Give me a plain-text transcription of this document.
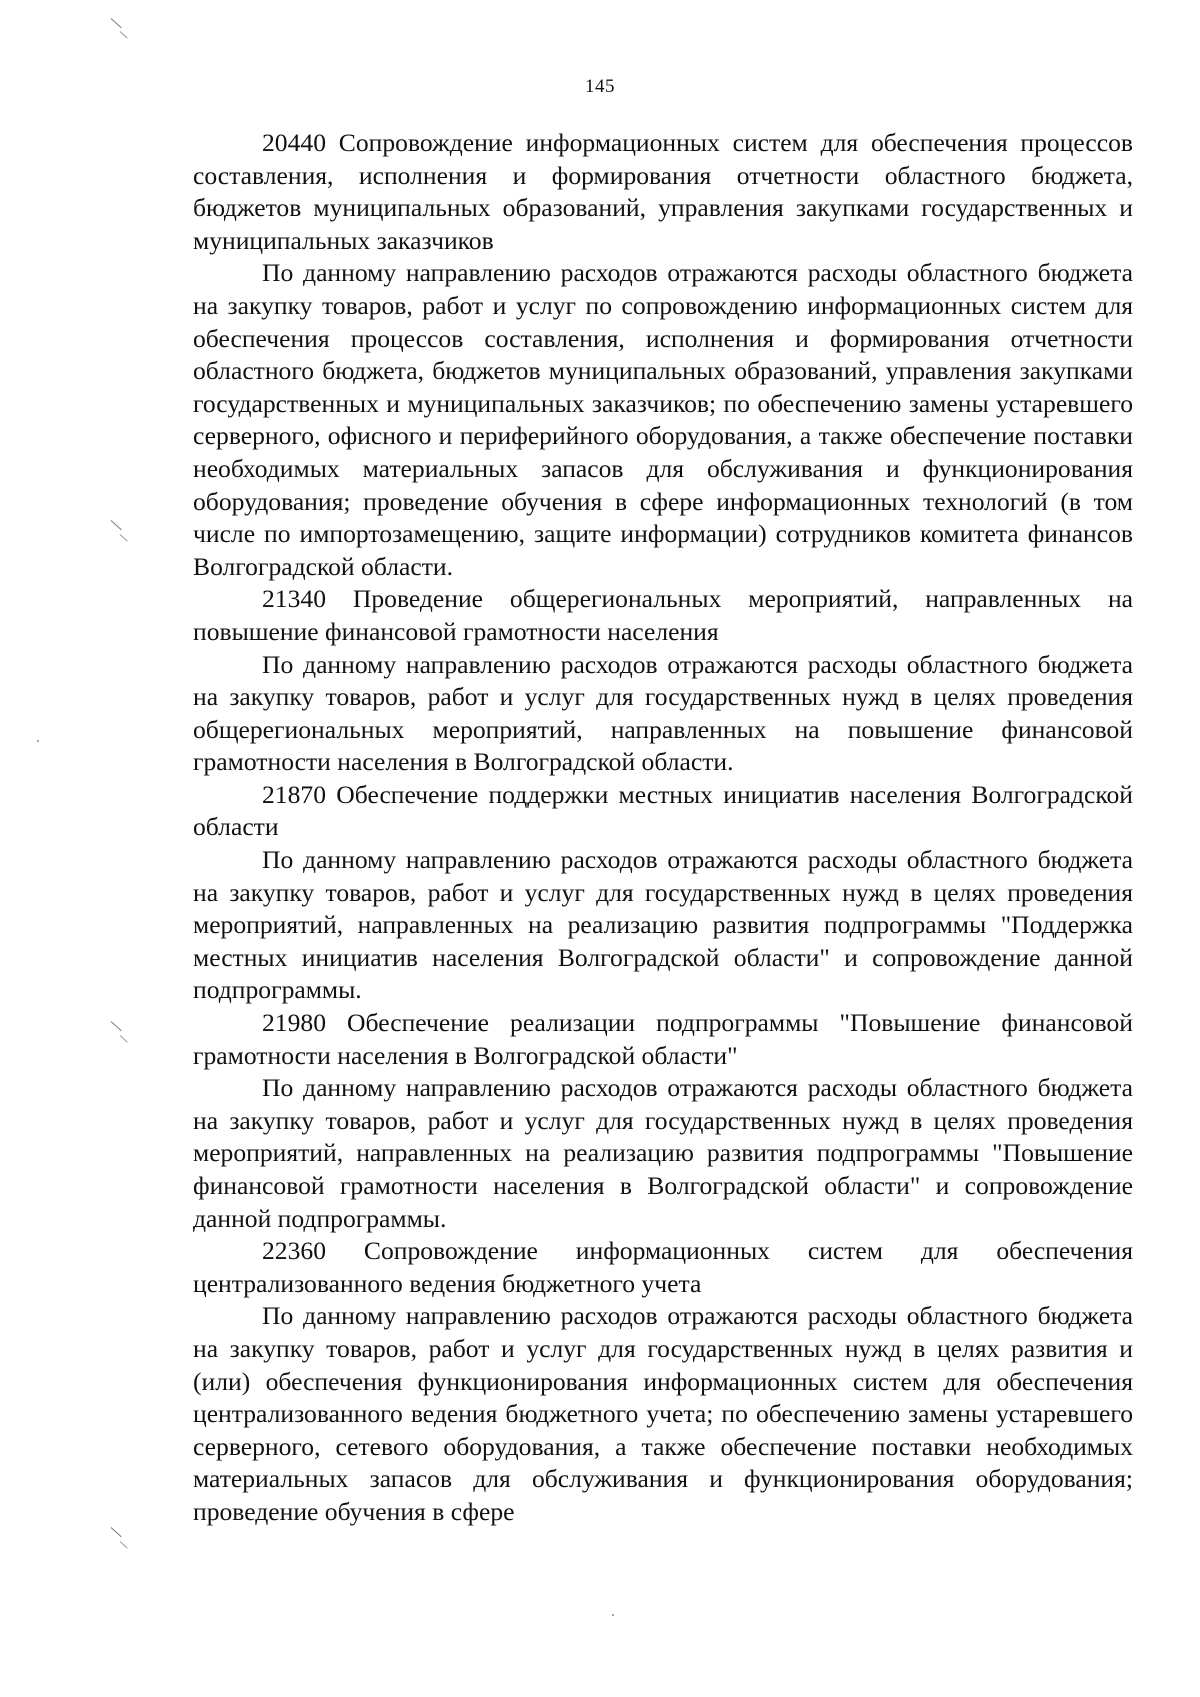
145

20440 Сопровождение информационных систем для обеспечения процессов составления, исполнения и формирования отчетности областного бюджета, бюджетов муниципальных образований, управления закупками государственных и муниципальных заказчиков

По данному направлению расходов отражаются расходы областного бюджета на закупку товаров, работ и услуг по сопровождению информационных систем для обеспечения процессов составления, исполнения и формирования отчетности областного бюджета, бюджетов муниципальных образований, управления закупками государственных и муниципальных заказчиков; по обеспечению замены устаревшего серверного, офисного и периферийного оборудования, а также обеспечение поставки необходимых материальных запасов для обслуживания и функционирования оборудования; проведение обучения в сфере информационных технологий (в том числе по импортозамещению, защите информации) сотрудников комитета финансов Волгоградской области.

21340 Проведение общерегиональных мероприятий, направленных на повышение финансовой грамотности населения

По данному направлению расходов отражаются расходы областного бюджета на закупку товаров, работ и услуг для государственных нужд в целях проведения общерегиональных мероприятий, направленных на повышение финансовой грамотности населения в Волгоградской области.

21870 Обеспечение поддержки местных инициатив населения Волгоградской области

По данному направлению расходов отражаются расходы областного бюджета на закупку товаров, работ и услуг для государственных нужд в целях проведения мероприятий, направленных на реализацию развития подпрограммы "Поддержка местных инициатив населения Волгоградской области" и сопровождение данной подпрограммы.

21980 Обеспечение реализации подпрограммы "Повышение финансовой грамотности населения в Волгоградской области"

По данному направлению расходов отражаются расходы областного бюджета на закупку товаров, работ и услуг для государственных нужд в целях проведения мероприятий, направленных на реализацию развития подпрограммы "Повышение финансовой грамотности населения в Волгоградской области" и сопровождение данной подпрограммы.

22360 Сопровождение информационных систем для обеспечения централизованного ведения бюджетного учета

По данному направлению расходов отражаются расходы областного бюджета на закупку товаров, работ и услуг для государственных нужд в целях развития и (или) обеспечения функционирования информационных систем для обеспечения централизованного ведения бюджетного учета; по обеспечению замены устаревшего серверного, сетевого оборудования, а также обеспечение поставки необходимых материальных запасов для обслуживания и функционирования оборудования; проведение обучения в сфере
